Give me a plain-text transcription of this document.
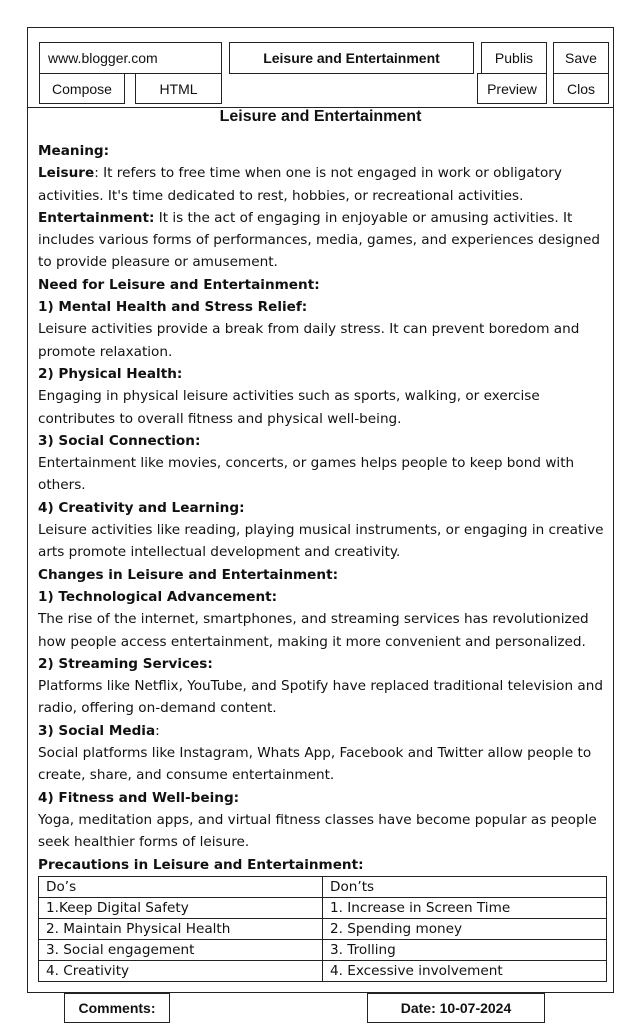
www.blogger.com	Leisure and Entertainment	Publis	Save
Compose	HTML	Preview	Clos
Leisure and Entertainment

Meaning:

Leisure: It refers to free time when one is not engaged in work or obligatory activities. It's time dedicated to rest, hobbies, or recreational activities.

Entertainment: It is the act of engaging in enjoyable or amusing activities. It includes various forms of performances, media, games, and experiences designed to provide pleasure or amusement.

Need for Leisure and Entertainment:

1) Mental Health and Stress Relief:

Leisure activities provide a break from daily stress. It can prevent boredom and promote relaxation.

2) Physical Health:

Engaging in physical leisure activities such as sports, walking, or exercise contributes to overall fitness and physical well-being.

3) Social Connection:

Entertainment like movies, concerts, or games helps people to keep bond with others.

4) Creativity and Learning:

Leisure activities like reading, playing musical instruments, or engaging in creative arts promote intellectual development and creativity.

Changes in Leisure and Entertainment:

1) Technological Advancement:

The rise of the internet, smartphones, and streaming services has revolutionized how people access entertainment, making it more convenient and personalized.

2) Streaming Services:

Platforms like Netflix, YouTube, and Spotify have replaced traditional television and radio, offering on-demand content.

3) Social Media:

Social platforms like Instagram, Whats App, Facebook and Twitter allow people to create, share, and consume entertainment.

4) Fitness and Well-being:

Yoga, meditation apps, and virtual fitness classes have become popular as people seek healthier forms of leisure.

Precautions in Leisure and Entertainment:

Do’s	Don’ts
1.Keep Digital Safety	1. Increase in Screen Time
2. Maintain Physical Health	2. Spending money
3. Social engagement	3. Trolling
4. Creativity	4. Excessive involvement
Comments:	Date: 10-07-2024
